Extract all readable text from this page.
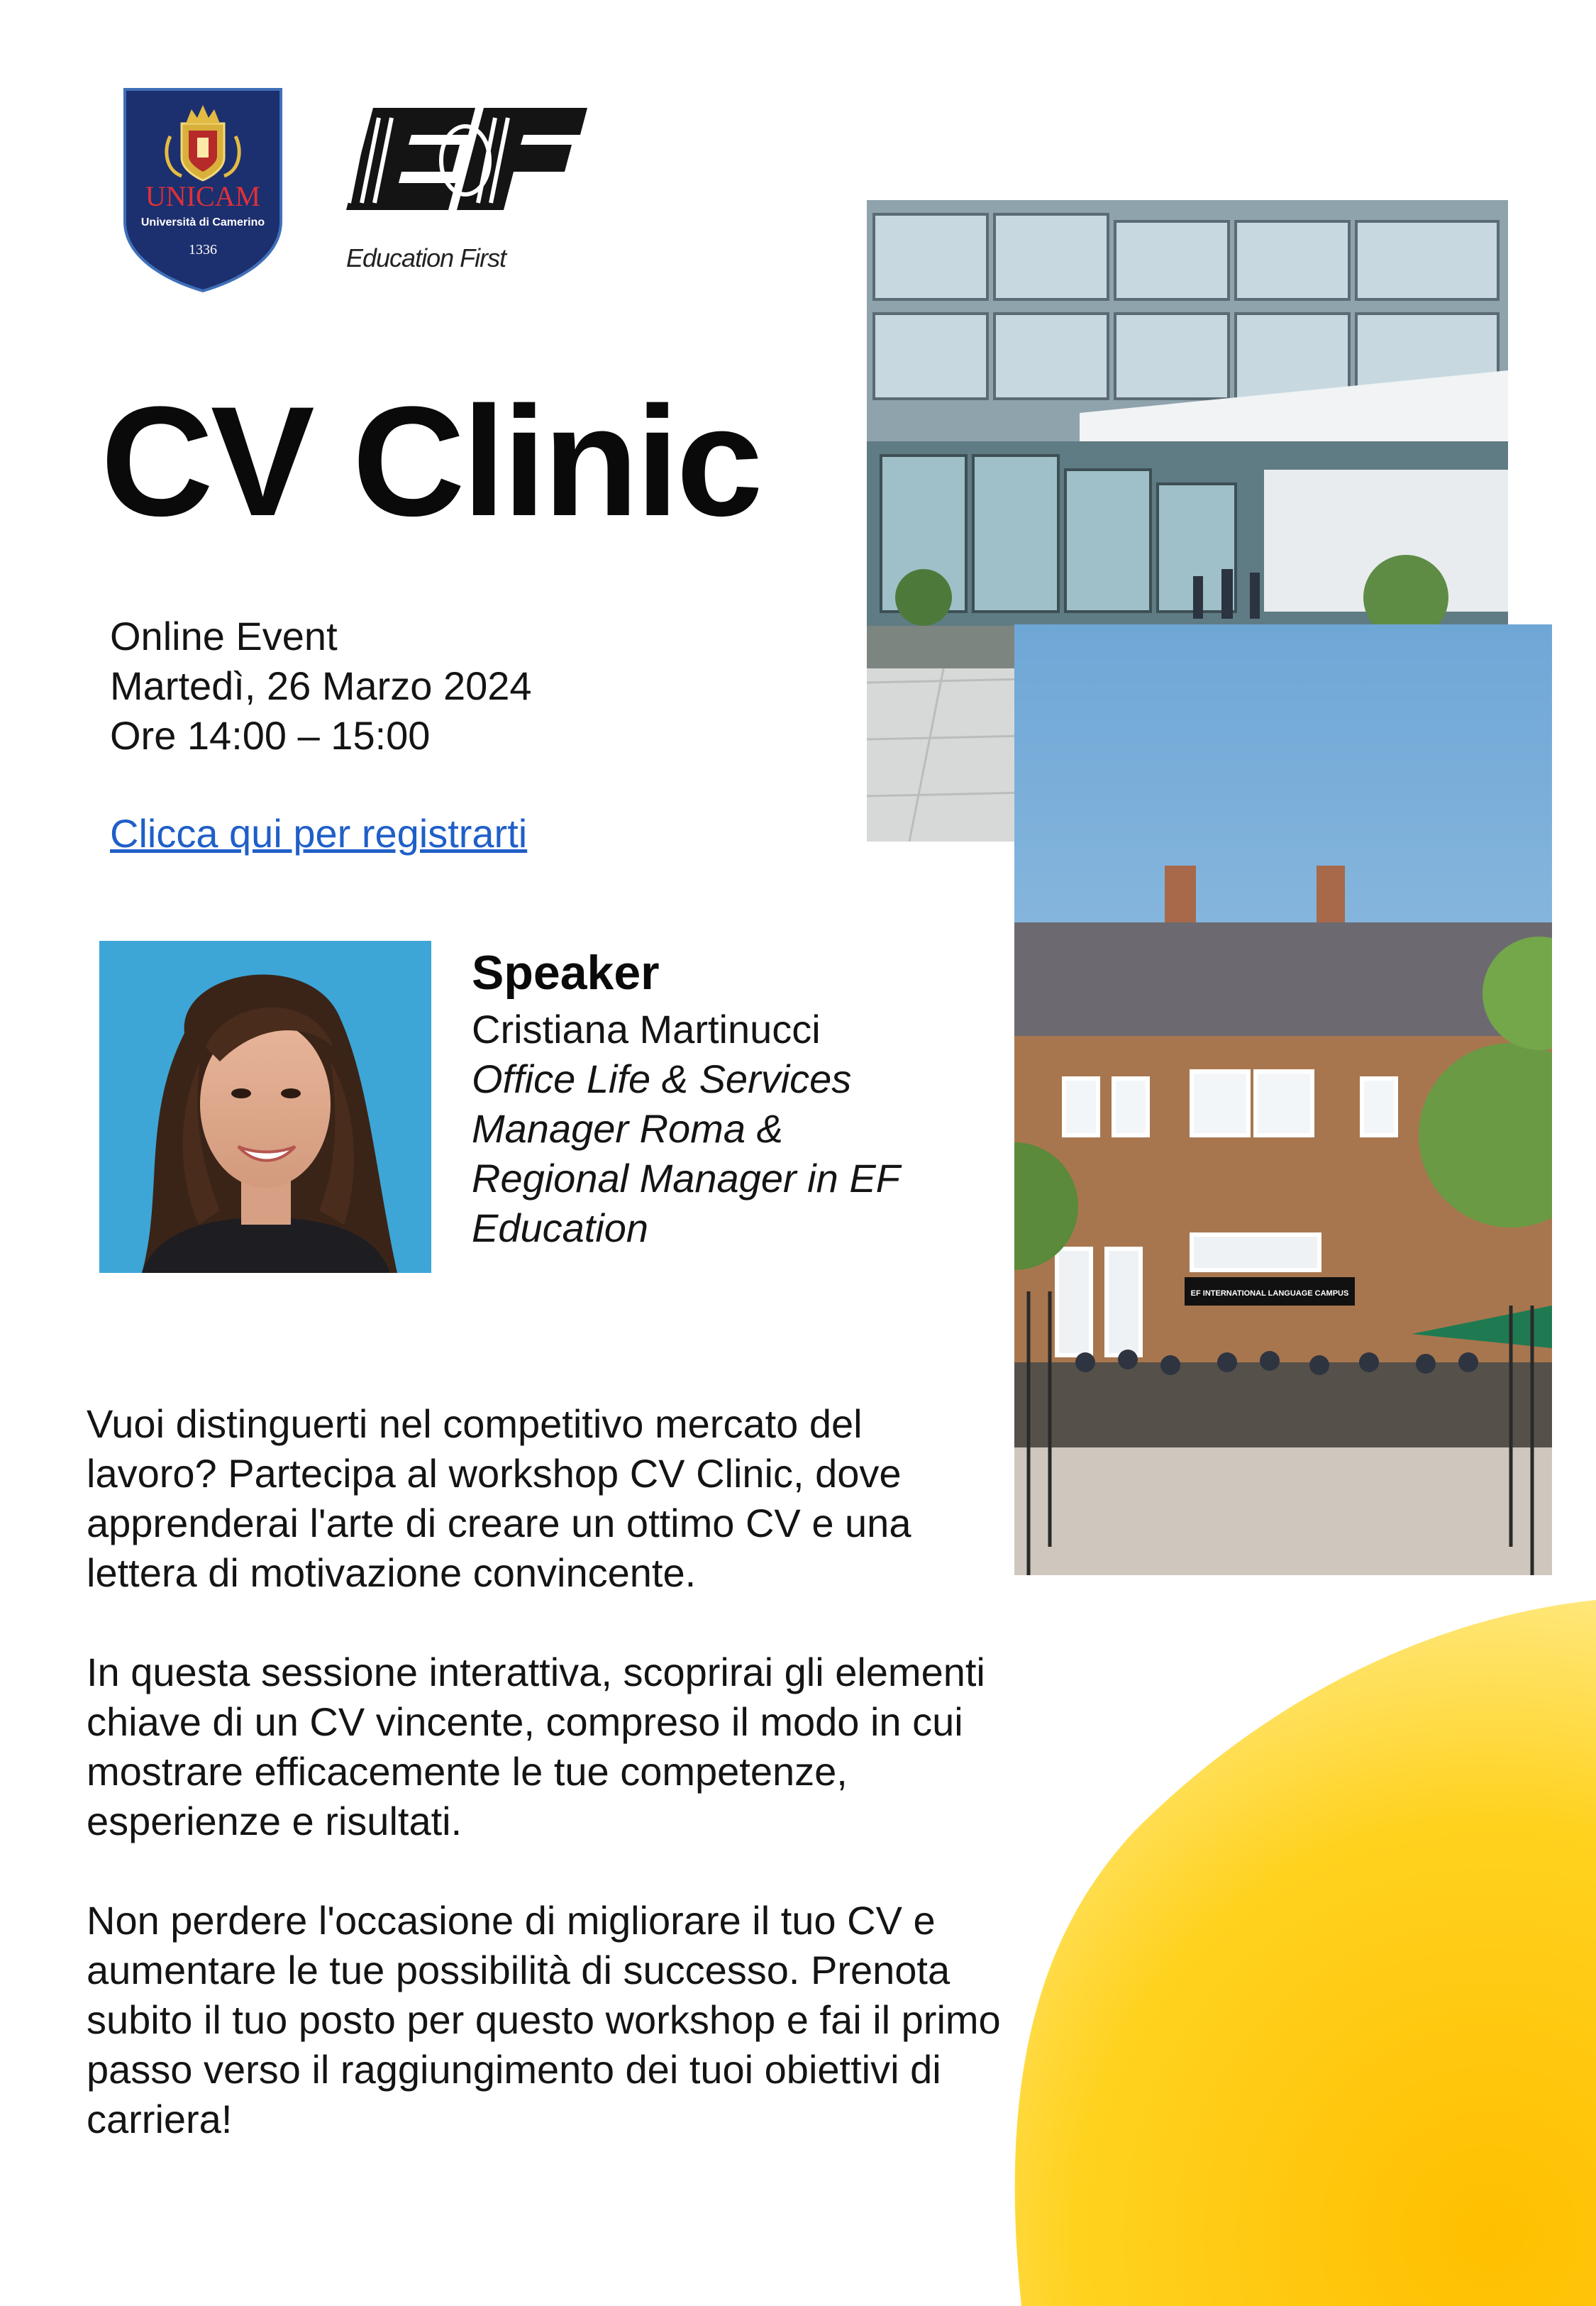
UNICAM
Università di Camerino
1336	Education First
CV Clinic
Online Event
Martedì, 26 Marzo 2024
Ore 14:00 – 15:00
Clicca qui per registrarti
Speaker
Cristiana Martinucci
Office Life & Services Manager Roma & Regional Manager in EF Education

Vuoi distinguerti nel competitivo mercato del lavoro? Partecipa al workshop CV Clinic, dove apprenderai l'arte di creare un ottimo CV e una lettera di motivazione convincente.

In questa sessione interattiva, scoprirai gli elementi chiave di un CV vincente, compreso il modo in cui mostrare efficacemente le tue competenze, esperienze e risultati.

Non perdere l'occasione di migliorare il tuo CV e aumentare le tue possibilità di successo. Prenota subito il tuo posto per questo workshop e fai il primo passo verso il raggiungimento dei tuoi obiettivi di carriera!

EF INTERNATIONAL LANGUAGE CAMPUS
